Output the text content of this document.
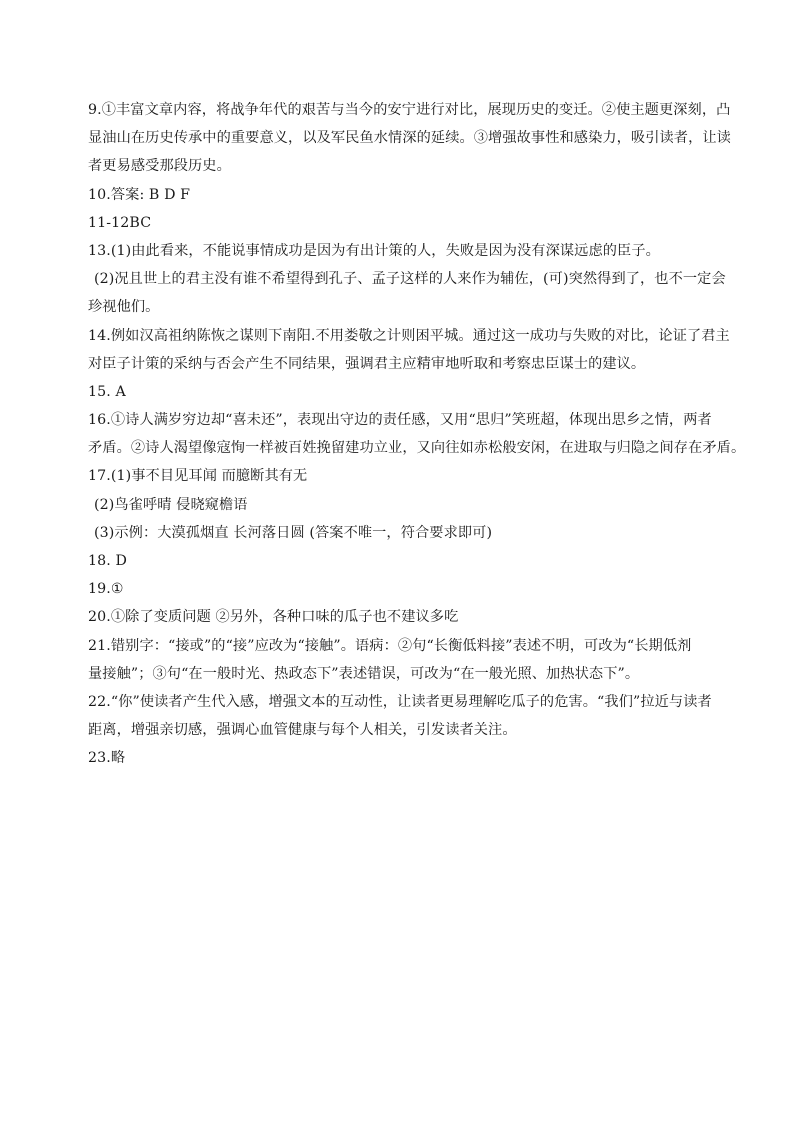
9.①丰富文章内容，将战争年代的艰苦与当今的安宁进行对比，展现历史的变迁。②使主题更深刻，凸
显油山在历史传承中的重要意义，以及军民鱼水情深的延续。③增强故事性和感染力，吸引读者，让读
者更易感受那段历史。
10.答案: B D F
11-12BC
13.(1)由此看来，不能说事情成功是因为有出计策的人，失败是因为没有深谋远虑的臣子。
(2)况且世上的君主没有谁不希望得到孔子、孟子这样的人来作为辅佐，(可)突然得到了，也不一定会
珍视他们。
14.例如汉高祖纳陈恢之谋则下南阳.不用娄敬之计则困平城。通过这一成功与失败的对比，论证了君主
对臣子计策的采纳与否会产生不同结果，强调君主应精审地听取和考察忠臣谋士的建议。
15. A
16.①诗人满岁穷边却“喜未还”，表现出守边的责任感，又用“思归”笑班超，体现出思乡之情，两者
矛盾。②诗人渴望像寇恂一样被百姓挽留建功立业，又向往如赤松般安闲，在进取与归隐之间存在矛盾。
17.(1)事不目见耳闻 而臆断其有无
(2)鸟雀呼晴 侵晓窥檐语
(3)示例：大漠孤烟直 长河落日圆 (答案不唯一，符合要求即可)
18. D
19.①
20.①除了变质问题 ②另外，各种口味的瓜子也不建议多吃
21.错别字：“接或”的“接”应改为“接触”。语病：②句“长衡低料接”表述不明，可改为“长期低剂
量接触”；③句“在一般时光、热政态下”表述错误，可改为“在一般光照、加热状态下”。
22.“你”使读者产生代入感，增强文本的互动性，让读者更易理解吃瓜子的危害。“我们”拉近与读者
距离，增强亲切感，强调心血管健康与每个人相关，引发读者关注。
23.略
